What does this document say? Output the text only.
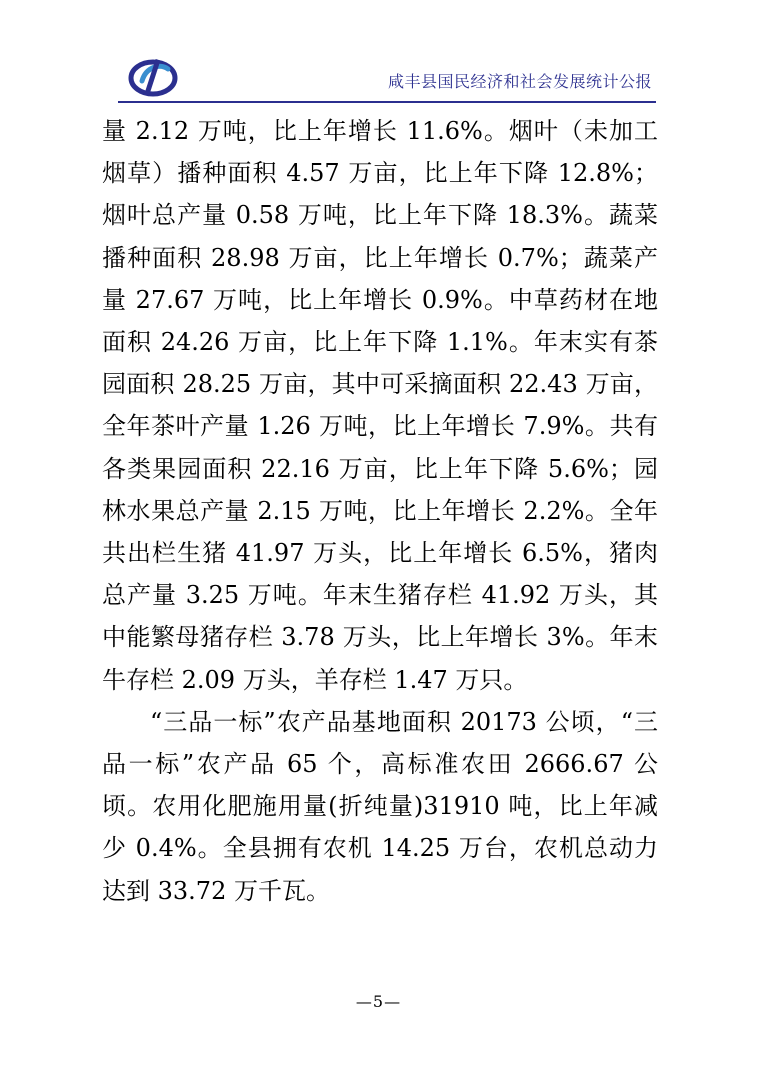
咸丰县国民经济和社会发展统计公报

量 2.12 万吨，比上年增长 11.6%。烟叶（未加工烟草）播种面积 4.57 万亩，比上年下降 12.8%；烟叶总产量 0.58 万吨，比上年下降 18.3%。蔬菜播种面积 28.98 万亩，比上年增长 0.7%；蔬菜产量 27.67 万吨，比上年增长 0.9%。中草药材在地面积 24.26 万亩，比上年下降 1.1%。年末实有茶园面积 28.25 万亩，其中可采摘面积 22.43 万亩，全年茶叶产量 1.26 万吨，比上年增长 7.9%。共有各类果园面积 22.16 万亩，比上年下降 5.6%；园林水果总产量 2.15 万吨，比上年增长 2.2%。全年共出栏生猪 41.97 万头，比上年增长 6.5%，猪肉总产量 3.25 万吨。年末生猪存栏 41.92 万头，其中能繁母猪存栏 3.78 万头，比上年增长 3%。年末牛存栏 2.09 万头，羊存栏 1.47 万只。

“三品一标”农产品基地面积 20173 公顷，“三品一标”农产品 65 个，高标准农田 2666.67 公顷。农用化肥施用量(折纯量)31910 吨，比上年减少 0.4%。全县拥有农机 14.25 万台，农机总动力达到 33.72 万千瓦。

—5—
